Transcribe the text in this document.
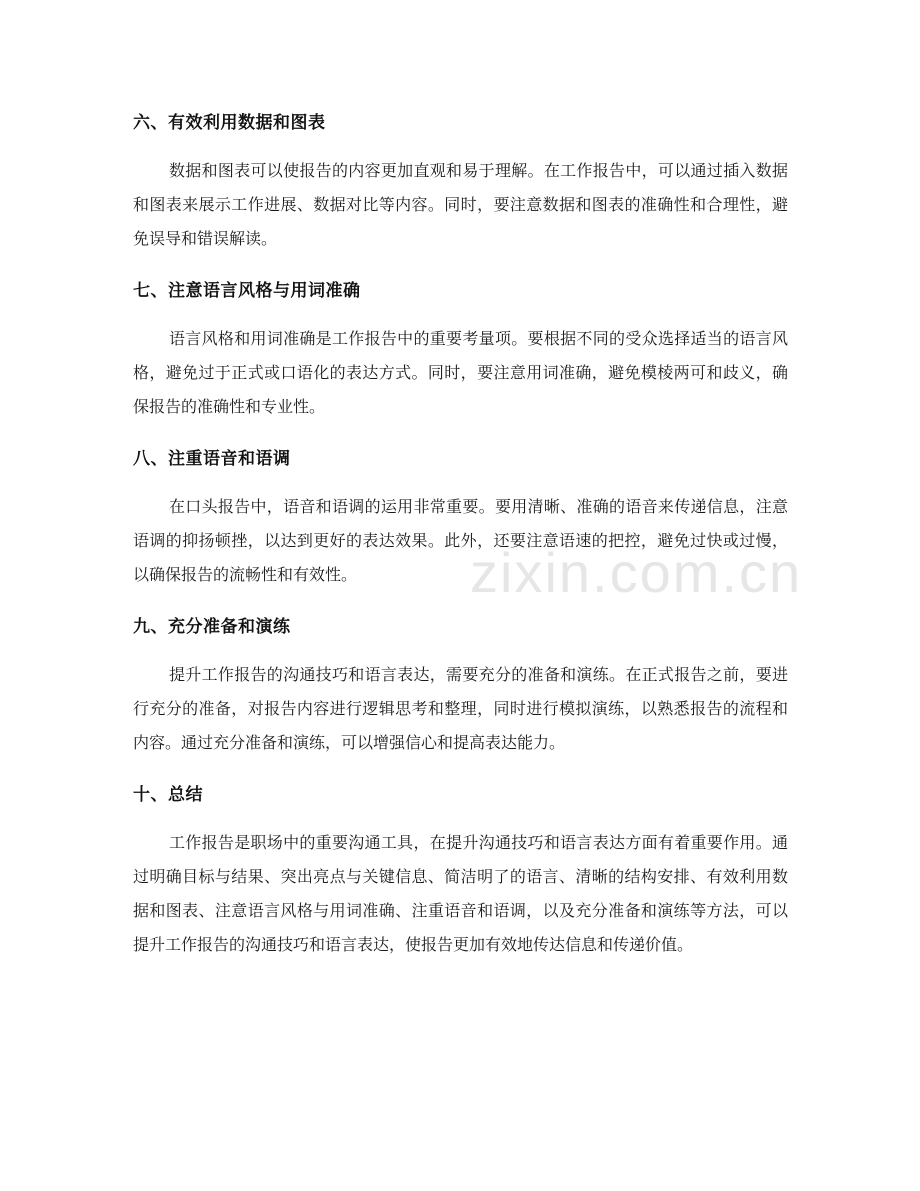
zixin.com.cn
六、有效利用数据和图表

数据和图表可以使报告的内容更加直观和易于理解。在工作报告中，可以通过插入数据和图表来展示工作进展、数据对比等内容。同时，要注意数据和图表的准确性和合理性，避免误导和错误解读。

七、注意语言风格与用词准确

语言风格和用词准确是工作报告中的重要考量项。要根据不同的受众选择适当的语言风格，避免过于正式或口语化的表达方式。同时，要注意用词准确，避免模棱两可和歧义，确保报告的准确性和专业性。

八、注重语音和语调

在口头报告中，语音和语调的运用非常重要。要用清晰、准确的语音来传递信息，注意语调的抑扬顿挫，以达到更好的表达效果。此外，还要注意语速的把控，避免过快或过慢，以确保报告的流畅性和有效性。

九、充分准备和演练

提升工作报告的沟通技巧和语言表达，需要充分的准备和演练。在正式报告之前，要进行充分的准备，对报告内容进行逻辑思考和整理，同时进行模拟演练，以熟悉报告的流程和内容。通过充分准备和演练，可以增强信心和提高表达能力。

十、总结

工作报告是职场中的重要沟通工具，在提升沟通技巧和语言表达方面有着重要作用。通过明确目标与结果、突出亮点与关键信息、简洁明了的语言、清晰的结构安排、有效利用数据和图表、注意语言风格与用词准确、注重语音和语调，以及充分准备和演练等方法，可以提升工作报告的沟通技巧和语言表达，使报告更加有效地传达信息和传递价值。
